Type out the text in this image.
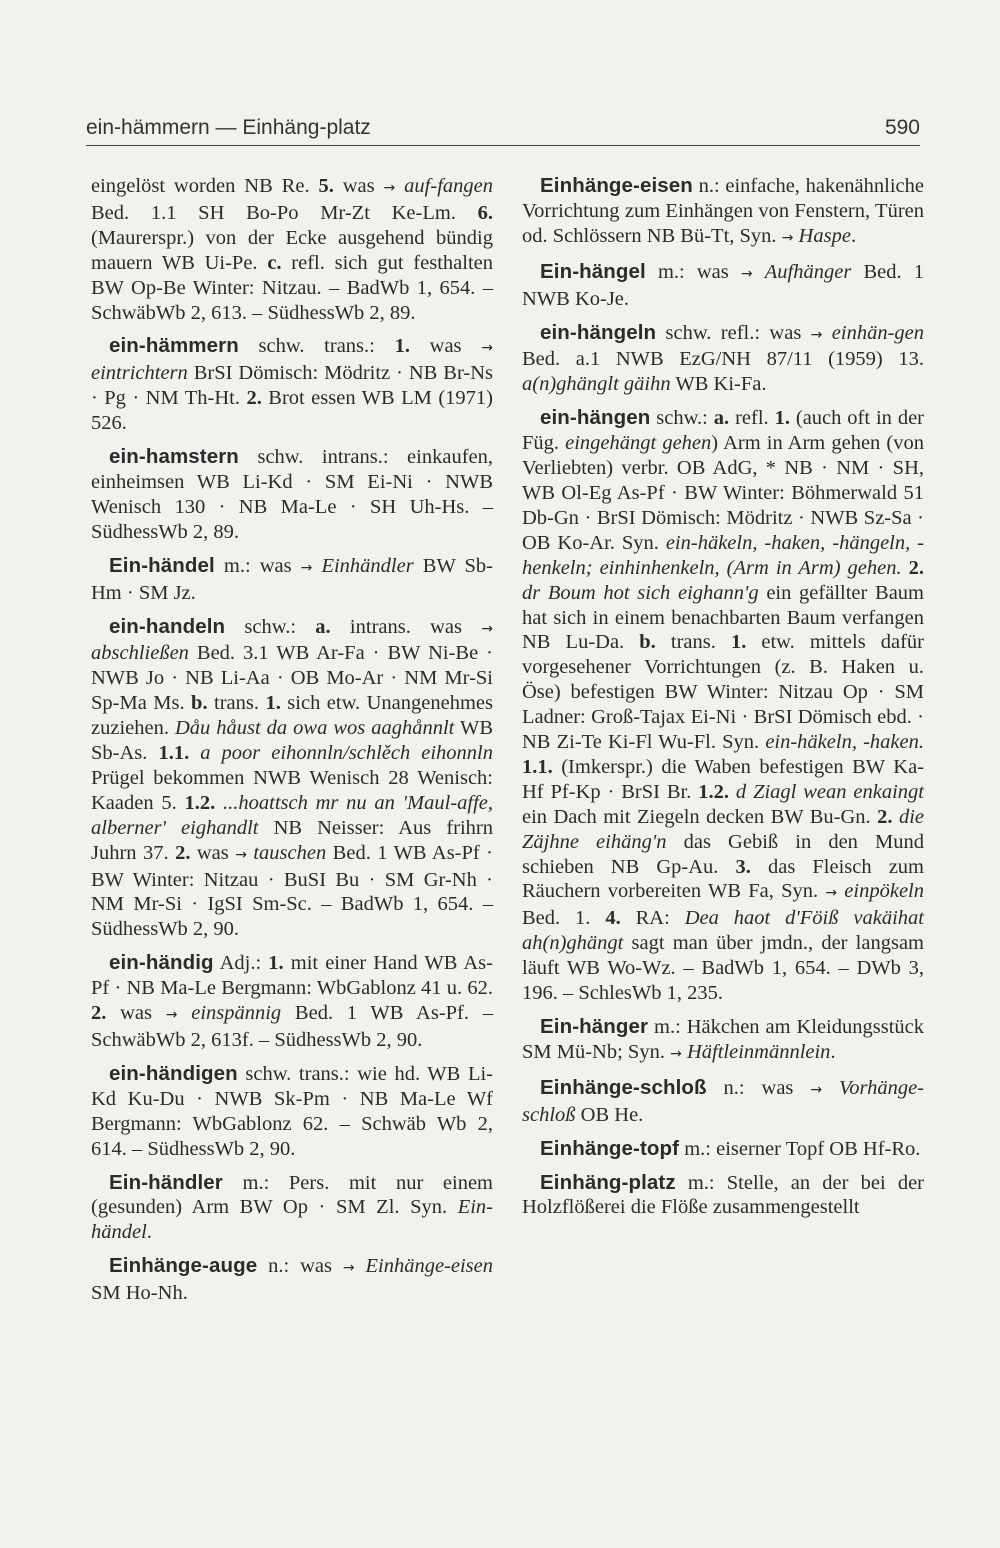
ein-hämmern — Einhäng-platz	590

eingelöst worden NB Re. 5. was → auf-fangen Bed. 1.1 SH Bo-Po Mr-Zt Ke-Lm. 6. (Maurerspr.) von der Ecke ausgehend bündig mauern WB Ui-Pe. c. refl. sich gut festhalten BW Op-Be Winter: Nitzau. – BadWb 1, 654. – SchwäbWb 2, 613. – SüdhessWb 2, 89.

ein-hämmern schw. trans.: 1. was → eintrichtern BrSI Dömisch: Mödritz · NB Br-Ns · Pg · NM Th-Ht. 2. Brot essen WB LM (1971) 526.

ein-hamstern schw. intrans.: einkaufen, einheimsen WB Li-Kd · SM Ei-Ni · NWB Wenisch 130 · NB Ma-Le · SH Uh-Hs. – SüdhessWb 2, 89.

Ein-händel m.: was → Einhändler BW Sb-Hm · SM Jz.

ein-handeln schw.: a. intrans. was → abschließen Bed. 3.1 WB Ar-Fa · BW Ni-Be · NWB Jo · NB Li-Aa · OB Mo-Ar · NM Mr-Si Sp-Ma Ms. b. trans. 1. sich etw. Unangenehmes zuziehen. Dåu håust da owa wos aaghånnlt WB Sb-As. 1.1. a poor eihonnln/schlěch eihonnln Prügel bekommen NWB Wenisch 28 Wenisch: Kaaden 5. 1.2. ...hoattsch mr nu an 'Maul-affe, alberner' eighandlt NB Neisser: Aus frihrn Juhrn 37. 2. was → tauschen Bed. 1 WB As-Pf · BW Winter: Nitzau · BuSI Bu · SM Gr-Nh · NM Mr-Si · IgSI Sm-Sc. – BadWb 1, 654. – SüdhessWb 2, 90.

ein-händig Adj.: 1. mit einer Hand WB As-Pf · NB Ma-Le Bergmann: WbGablonz 41 u. 62. 2. was → einspännig Bed. 1 WB As-Pf. – SchwäbWb 2, 613f. – SüdhessWb 2, 90.

ein-händigen schw. trans.: wie hd. WB Li-Kd Ku-Du · NWB Sk-Pm · NB Ma-Le Wf Bergmann: WbGablonz 62. – Schwäb Wb 2, 614. – SüdhessWb 2, 90.

Ein-händler m.: Pers. mit nur einem (gesunden) Arm BW Op · SM Zl. Syn. Ein-händel.

Einhänge-auge n.: was → Einhänge-eisen SM Ho-Nh.

Einhänge-eisen n.: einfache, hakenähnliche Vorrichtung zum Einhängen von Fenstern, Türen od. Schlössern NB Bü-Tt, Syn. → Haspe.

Ein-hängel m.: was → Aufhänger Bed. 1 NWB Ko-Je.

ein-hängeln schw. refl.: was → einhän-gen Bed. a.1 NWB EzG/NH 87/11 (1959) 13. a(n)ghänglt gäihn WB Ki-Fa.

ein-hängen schw.: a. refl. 1. (auch oft in der Füg. eingehängt gehen) Arm in Arm gehen (von Verliebten) verbr. OB AdG, * NB · NM · SH, WB Ol-Eg As-Pf · BW Winter: Böhmerwald 51 Db-Gn · BrSI Dömisch: Mödritz · NWB Sz-Sa · OB Ko-Ar. Syn. ein-häkeln, -haken, -hängeln, -henkeln; einhinhenkeln, (Arm in Arm) gehen. 2. dr Boum hot sich eighann'g ein gefällter Baum hat sich in einem benachbarten Baum verfangen NB Lu-Da. b. trans. 1. etw. mittels dafür vorgesehener Vorrichtungen (z. B. Haken u. Öse) befestigen BW Winter: Nitzau Op · SM Ladner: Groß-Tajax Ei-Ni · BrSI Dömisch ebd. · NB Zi-Te Ki-Fl Wu-Fl. Syn. ein-häkeln, -haken. 1.1. (Imkerspr.) die Waben befestigen BW Ka-Hf Pf-Kp · BrSI Br. 1.2. d Ziagl wean enkaingt ein Dach mit Ziegeln decken BW Bu-Gn. 2. die Zäjhne eihäng'n das Gebiß in den Mund schieben NB Gp-Au. 3. das Fleisch zum Räuchern vorbereiten WB Fa, Syn. → einpökeln Bed. 1. 4. RA: Dea haot d'Föiß vakäihat ah(n)ghängt sagt man über jmdn., der langsam läuft WB Wo-Wz. – BadWb 1, 654. – DWb 3, 196. – SchlesWb 1, 235.

Ein-hänger m.: Häkchen am Kleidungsstück SM Mü-Nb; Syn. → Häftleinmännlein.

Einhänge-schloß n.: was → Vorhänge-schloß OB He.

Einhänge-topf m.: eiserner Topf OB Hf-Ro.

Einhäng-platz m.: Stelle, an der bei der Holzflößerei die Flöße zusammengestellt
